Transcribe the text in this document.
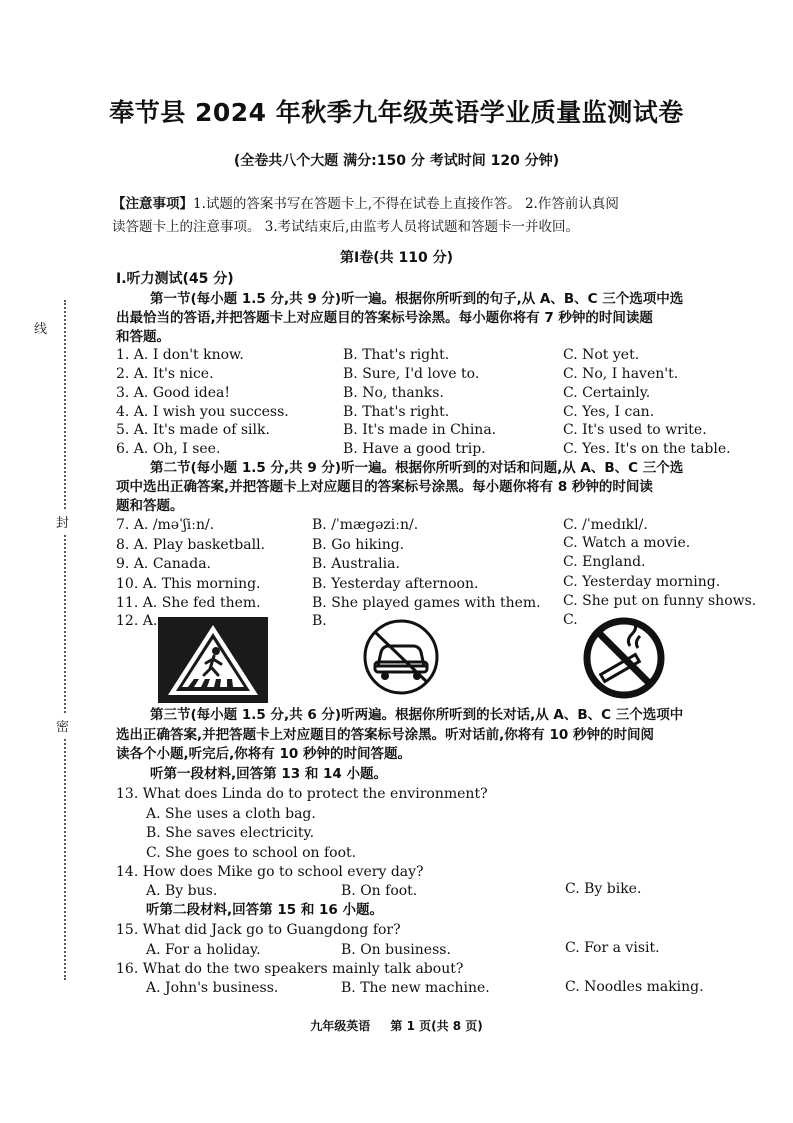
奉节县 2024 年秋季九年级英语学业质量监测试卷
(全卷共八个大题 满分:150 分 考试时间 120 分钟)
【注意事项】1.试题的答案书写在答题卡上,不得在试卷上直接作答。 2.作答前认真阅
读答题卡上的注意事项。 3.考试结束后,由监考人员将试题和答题卡一并收回。
第Ⅰ卷(共 110 分)
Ⅰ.听力测试(45 分)
第一节(每小题 1.5 分,共 9 分)听一遍。根据你所听到的句子,从 A、B、C 三个选项中选
出最恰当的答语,并把答题卡上对应题目的答案标号涂黑。每小题你将有 7 秒钟的时间读题
和答题。
1. A. I don't know.	B. That's right.	C. Not yet.
2. A. It's nice.	B. Sure, I'd love to.	C. No, I haven't.
3. A. Good idea!	B. No, thanks.	C. Certainly.
4. A. I wish you success.	B. That's right.	C. Yes, I can.
5. A. It's made of silk.	B. It's made in China.	C. It's used to write.
6. A. Oh, I see.	B. Have a good trip.	C. Yes. It's on the table.
第二节(每小题 1.5 分,共 9 分)听一遍。根据你所听到的对话和问题,从 A、B、C 三个选
项中选出正确答案,并把答题卡上对应题目的答案标号涂黑。每小题你将有 8 秒钟的时间读
题和答题。
7. A. /məˈʃiːn/.	B. /ˈmægəziːn/.	C. /ˈmedɪkl/.
8. A. Play basketball.	B. Go hiking.	C. Watch a movie.
9. A. Canada.	B. Australia.	C. England.
10. A. This morning.	B. Yesterday afternoon.	C. Yesterday morning.
11. A. She fed them.	B. She played games with them. C. She put on funny shows.
12. A.	B.	C.
第三节(每小题 1.5 分,共 6 分)听两遍。根据你所听到的长对话,从 A、B、C 三个选项中
选出正确答案,并把答题卡上对应题目的答案标号涂黑。听对话前,你将有 10 秒钟的时间阅
读各个小题,听完后,你将有 10 秒钟的时间答题。
听第一段材料,回答第 13 和 14 小题。
13. What does Linda do to protect the environment?
A. She uses a cloth bag.
B. She saves electricity.
C. She goes to school on foot.
14. How does Mike go to school every day?
A. By bus.	B. On foot.	C. By bike.
听第二段材料,回答第 15 和 16 小题。
15. What did Jack go to Guangdong for?
A. For a holiday.	B. On business.	C. For a visit.
16. What do the two speakers mainly talk about?
A. John's business.	B. The new machine.	C. Noodles making.
线
封
密
九年级英语 第 1 页(共 8 页)
